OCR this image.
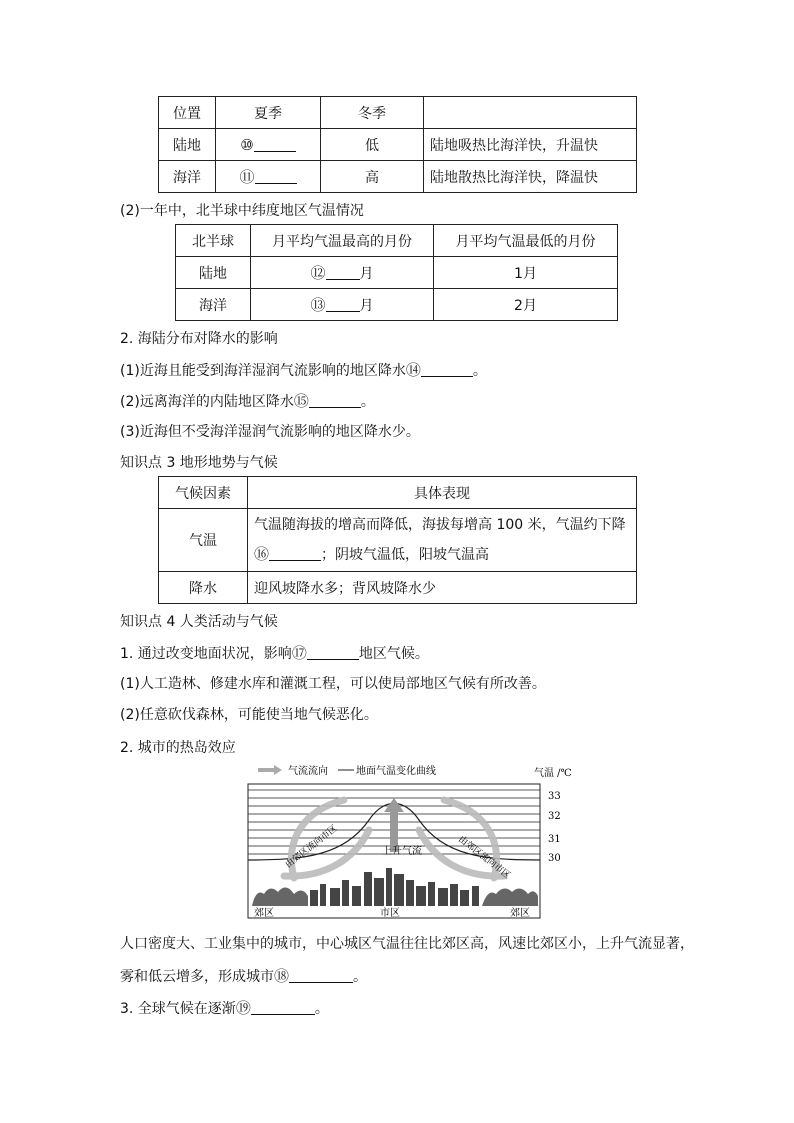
位置	夏季	冬季	
陆地	⑩	低	陆地吸热比海洋快，升温快
海洋	⑪	高	陆地散热比海洋快，降温快
(2)一年中，北半球中纬度地区气温情况
北半球	月平均气温最高的月份	月平均气温最低的月份
陆地	⑫ 月	1月
海洋	⑬ 月	2月
2. 海陆分布对降水的影响
(1)近海且能受到海洋湿润气流影响的地区降水⑭	。
(2)远离海洋的内陆地区降水⑮	。
(3)近海但不受海洋湿润气流影响的地区降水少。
知识点 3 地形地势与气候
气候因素	具体表现
气温	气温随海拔的增高而降低，海拔每增高 100 米，气温约下降
⑯ ；阴坡气温低，阳坡气温高
降水	迎风坡降水多；背风坡降水少
知识点 4 人类活动与气候
1. 通过改变地面状况，影响⑰	地区气候。
(1)人工造林、修建水库和灌溉工程，可以使局部地区气候有所改善。
(2)任意砍伐森林，可能使当地气候恶化。
2. 城市的热岛效应
气流流向	地面气温变化曲线	气温 /℃
33
32
31
30
上升气流
由郊区流向市区	由郊区流向市区
郊区	市区	郊区
人口密度大、工业集中的城市，中心城区气温往往比郊区高，风速比郊区小，上升气流显著，
雾和低云增多，形成城市⑱	。
3. 全球气候在逐渐⑲	。
